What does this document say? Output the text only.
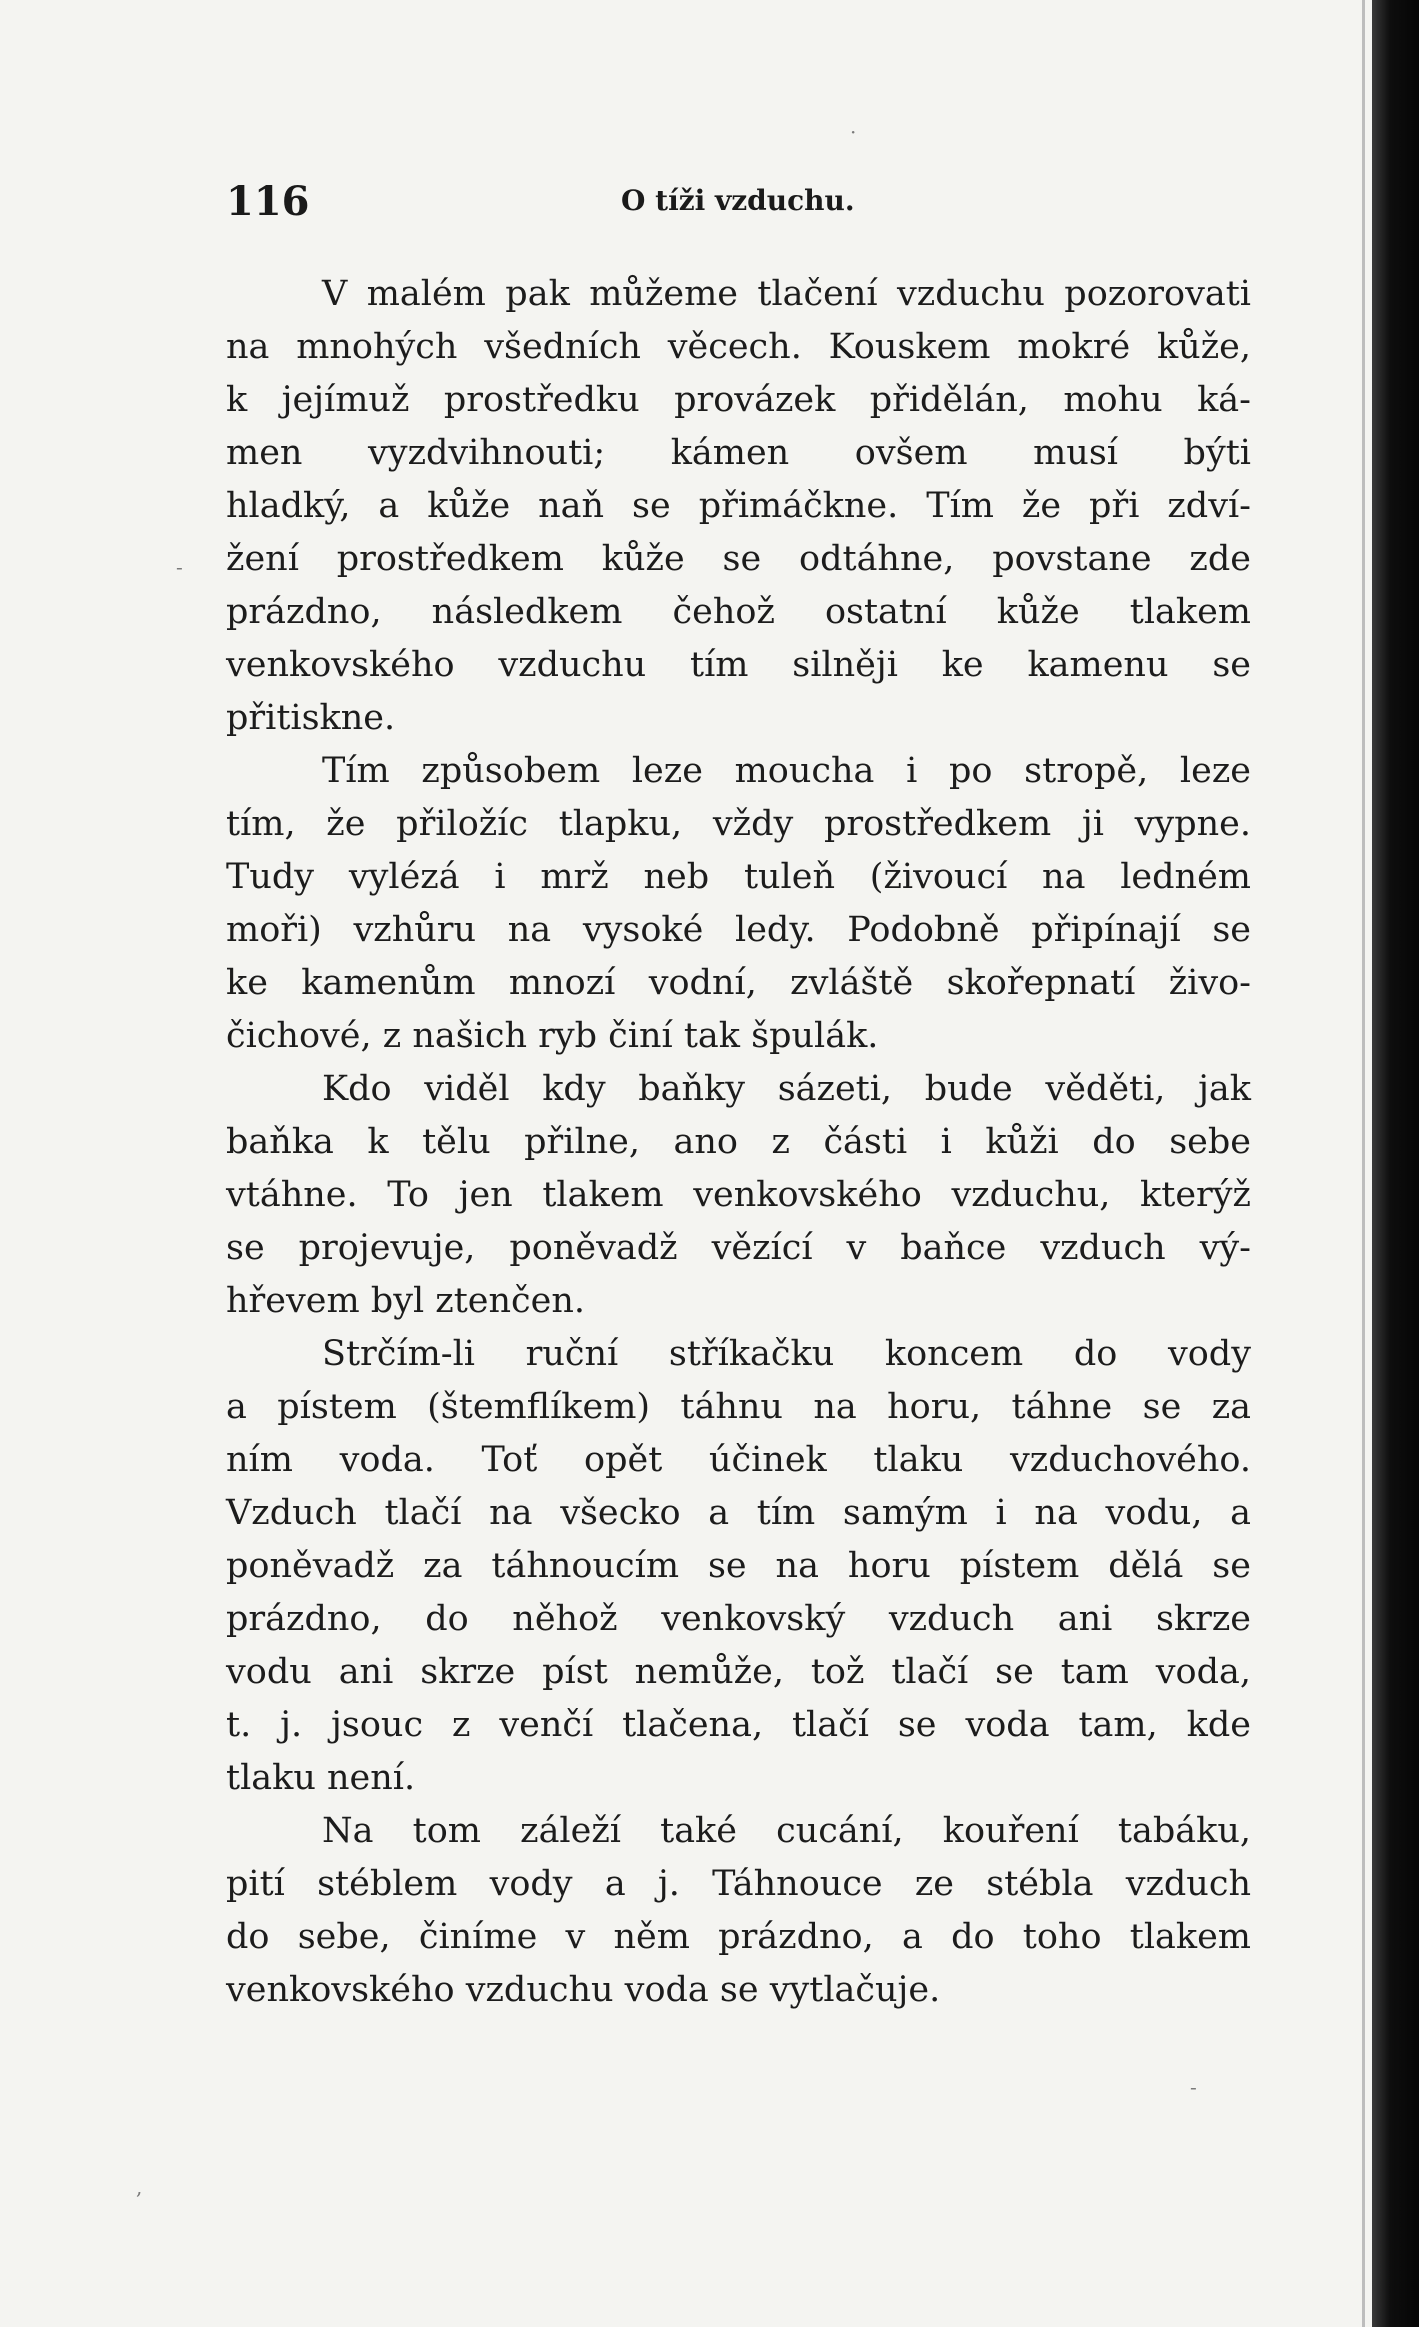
116	O tíži vzduchu.
V malém pak můžeme tlačení vzduchu pozorovati
na mnohých všedních věcech. Kouskem mokré kůže,
k jejímuž prostředku provázek přidělán, mohu ká-
men vyzdvihnouti; kámen ovšem musí býti
hladký, a kůže naň se přimáčkne. Tím že při zdví-
žení prostředkem kůže se odtáhne, povstane zde
prázdno, následkem čehož ostatní kůže tlakem
venkovského vzduchu tím silněji ke kamenu se
přitiskne.
Tím způsobem leze moucha i po stropě, leze
tím, že přiložíc tlapku, vždy prostředkem ji vypne.
Tudy vylézá i mrž neb tuleň (živoucí na ledném
moři) vzhůru na vysoké ledy. Podobně připínají se
ke kamenům mnozí vodní, zvláště skořepnatí živo-
čichové, z našich ryb činí tak špulák.
Kdo viděl kdy baňky sázeti, bude věděti, jak
baňka k tělu přilne, ano z části i kůži do sebe
vtáhne. To jen tlakem venkovského vzduchu, kterýž
se projevuje, poněvadž vězící v baňce vzduch vý-
hřevem byl ztenčen.
Strčím-li ruční stříkačku koncem do vody
a pístem (štemflíkem) táhnu na horu, táhne se za
ním voda. Toť opět účinek tlaku vzduchového.
Vzduch tlačí na všecko a tím samým i na vodu, a
poněvadž za táhnoucím se na horu pístem dělá se
prázdno, do něhož venkovský vzduch ani skrze
vodu ani skrze píst nemůže, tož tlačí se tam voda,
t. j. jsouc z venčí tlačena, tlačí se voda tam, kde
tlaku není.
Na tom záleží také cucání, kouření tabáku,
pití stéblem vody a j. Táhnouce ze stébla vzduch
do sebe, činíme v něm prázdno, a do toho tlakem
venkovského vzduchu voda se vytlačuje.
·
-
-
,
